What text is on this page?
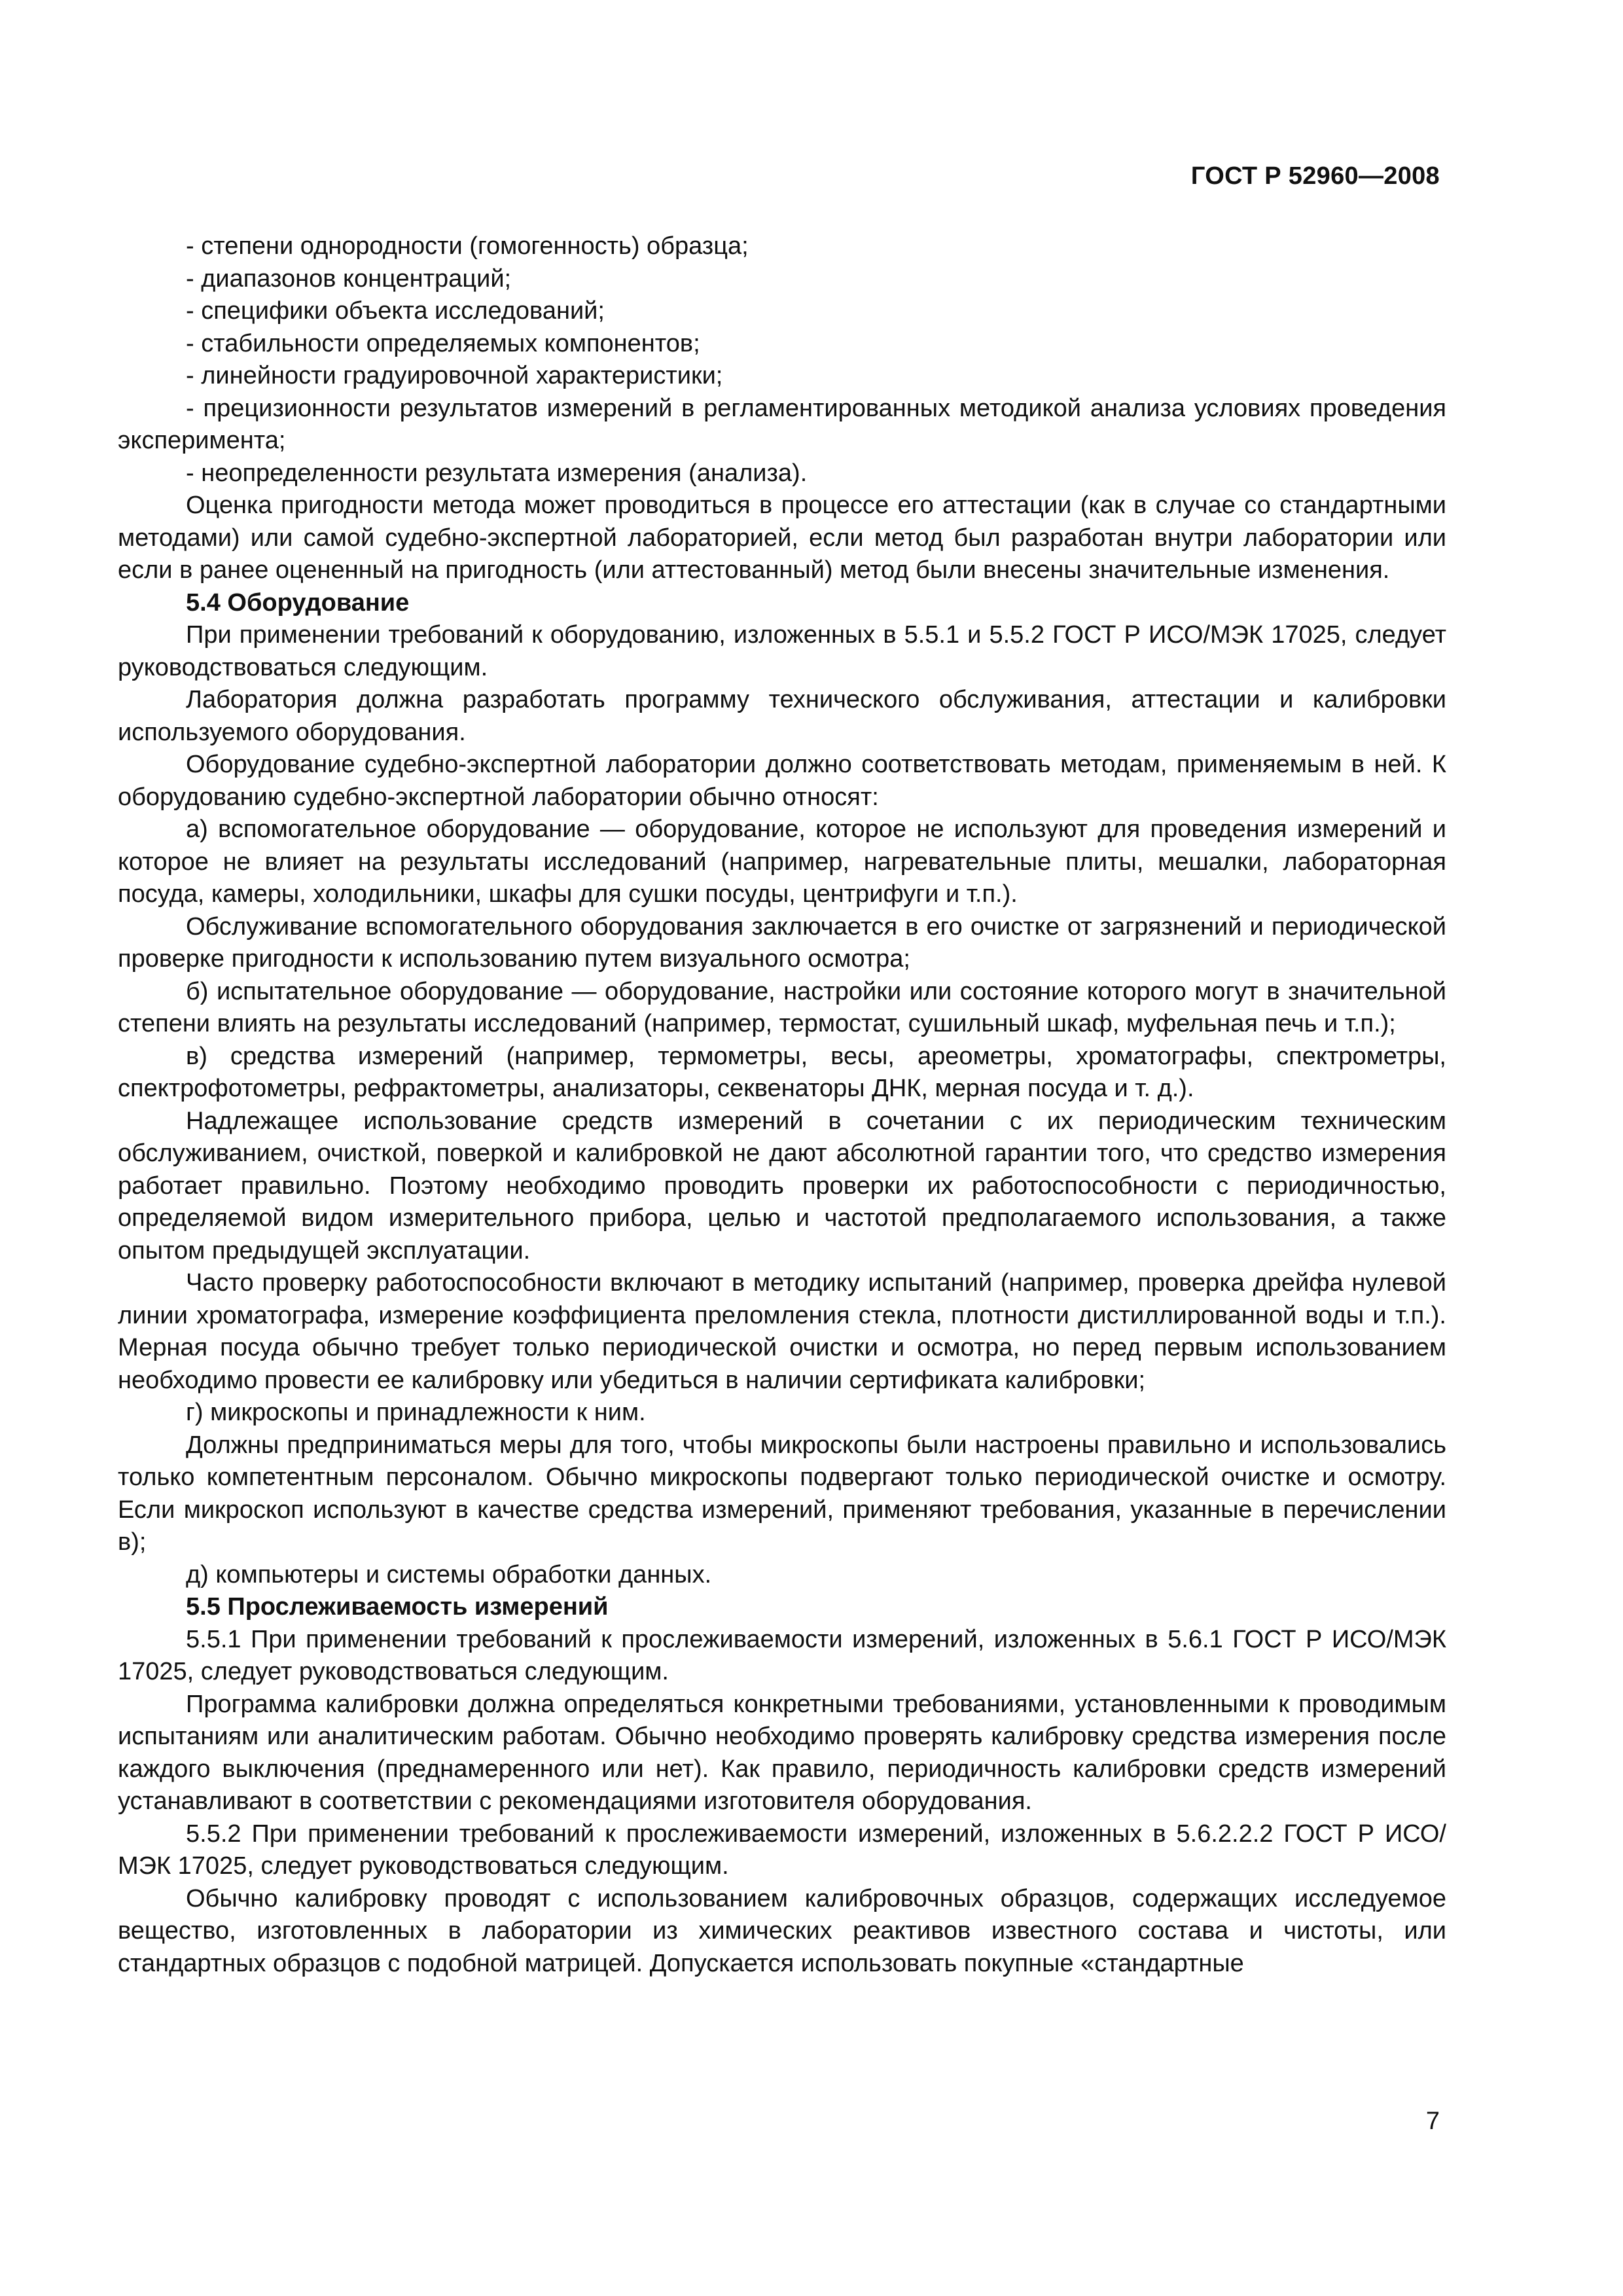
ГОСТ Р 52960—2008

- степени однородности (гомогенность) образца;

- диапазонов концентраций;

- специфики объекта исследований;

- стабильности определяемых компонентов;

- линейности градуировочной характеристики;

- прецизионности результатов измерений в регламентированных методикой анализа условиях проведения эксперимента;

- неопределенности результата измерения (анализа).

Оценка пригодности метода может проводиться в процессе его аттестации (как в случае со стандартными методами) или самой судебно-экспертной лабораторией, если метод был разработан внутри лаборатории или если в ранее оцененный на пригодность (или аттестованный) метод были внесены значительные изменения.

5.4 Оборудование

При применении требований к оборудованию, изложенных в 5.5.1 и 5.5.2 ГОСТ Р ИСО/МЭК 17025, следует руководствоваться следующим.

Лаборатория должна разработать программу технического обслуживания, аттестации и калибровки используемого оборудования.

Оборудование судебно-экспертной лаборатории должно соответствовать методам, применяемым в ней. К оборудованию судебно-экспертной лаборатории обычно относят:

а) вспомогательное оборудование — оборудование, которое не используют для проведения измерений и которое не влияет на результаты исследований (например, нагревательные плиты, мешалки, лабораторная посуда, камеры, холодильники, шкафы для сушки посуды, центрифуги и т.п.).

Обслуживание вспомогательного оборудования заключается в его очистке от загрязнений и периодической проверке пригодности к использованию путем визуального осмотра;

б) испытательное оборудование — оборудование, настройки или состояние которого могут в значительной степени влиять на результаты исследований (например, термостат, сушильный шкаф, муфельная печь и т.п.);

в) средства измерений (например, термометры, весы, ареометры, хроматографы, спектрометры, спектрофотометры, рефрактометры, анализаторы, секвенаторы ДНК, мерная посуда и т. д.).

Надлежащее использование средств измерений в сочетании с их периодическим техническим обслуживанием, очисткой, поверкой и калибровкой не дают абсолютной гарантии того, что средство измерения работает правильно. Поэтому необходимо проводить проверки их работоспособности с периодичностью, определяемой видом измерительного прибора, целью и частотой предполагаемого использования, а также опытом предыдущей эксплуатации.

Часто проверку работоспособности включают в методику испытаний (например, проверка дрейфа нулевой линии хроматографа, измерение коэффициента преломления стекла, плотности дистиллированной воды и т.п.). Мерная посуда обычно требует только периодической очистки и осмотра, но перед первым использованием необходимо провести ее калибровку или убедиться в наличии сертификата калибровки;

г) микроскопы и принадлежности к ним.

Должны предприниматься меры для того, чтобы микроскопы были настроены правильно и использовались только компетентным персоналом. Обычно микроскопы подвергают только периодической очистке и осмотру. Если микроскоп используют в качестве средства измерений, применяют требования, указанные в перечислении в);

д) компьютеры и системы обработки данных.

5.5 Прослеживаемость измерений

5.5.1 При применении требований к прослеживаемости измерений, изложенных в 5.6.1 ГОСТ Р ИСО/МЭК 17025, следует руководствоваться следующим.

Программа калибровки должна определяться конкретными требованиями, установленными к проводимым испытаниям или аналитическим работам. Обычно необходимо проверять калибровку средства измерения после каждого выключения (преднамеренного или нет). Как правило, периодичность калибровки средств измерений устанавливают в соответствии с рекомендациями изготовителя оборудования.

5.5.2 При применении требований к прослеживаемости измерений, изложенных в 5.6.2.2.2 ГОСТ Р ИСО/МЭК 17025, следует руководствоваться следующим.

Обычно калибровку проводят с использованием калибровочных образцов, содержащих исследуемое вещество, изготовленных в лаборатории из химических реактивов известного состава и чистоты, или стандартных образцов с подобной матрицей. Допускается использовать покупные «стандартные

7
